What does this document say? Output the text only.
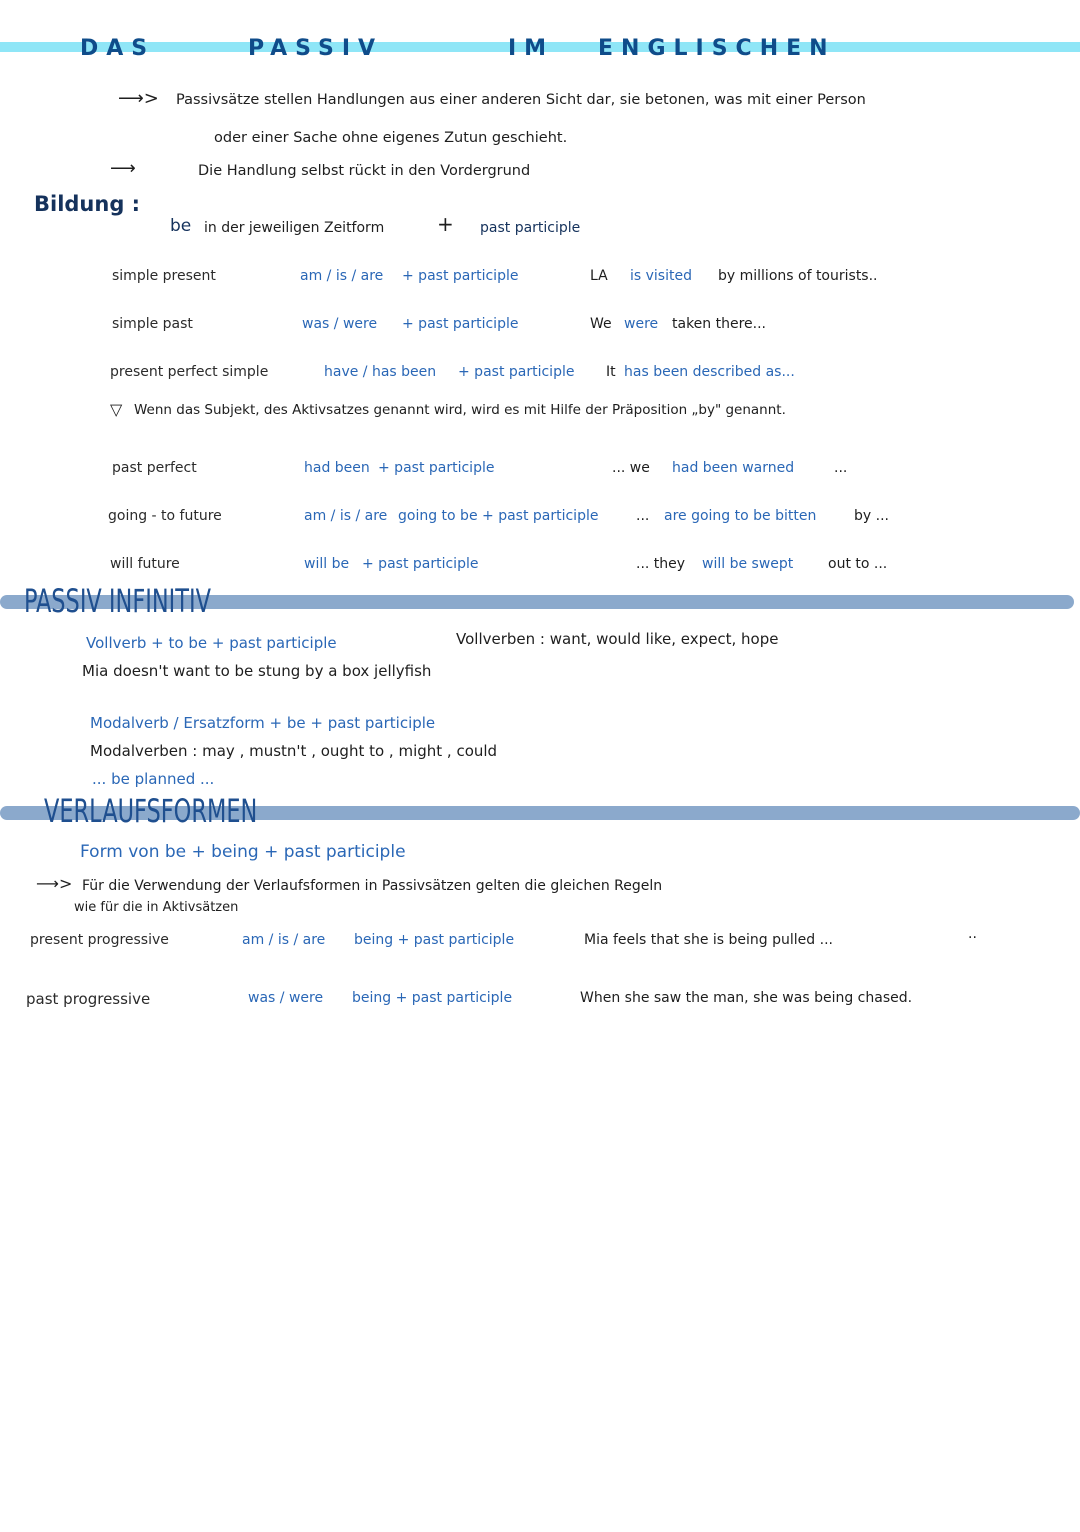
DAS	PASSIV	IM ENGLISCHEN
⟶> Passivsätze stellen Handlungen aus einer anderen Sicht dar, sie betonen, was mit einer Person
oder einer Sache ohne eigenes Zutun geschieht.
⟶	Die Handlung selbst rückt in den Vordergrund
Bildung :
be in der jeweiligen Zeitform	+ past participle
simple present	am / is / are + past participle	LA is visited by millions of tourists..
simple past	was / were + past participle	We were taken there...
present perfect simple	have / has been + past participle It has been described as...
▽ Wenn das Subjekt, des Aktivsatzes genannt wird, wird es mit Hilfe der Präposition „by" genannt.
past perfect	had been + past participle	... we had been warned	...
going - to future	am / is / are going to be + past participle	... are going to be bitten	by ...
will future	will be + past participle	... they will be swept out to ...
PASSIV INFINITIV
Vollverb + to be + past participle	Vollverben : want, would like, expect, hope
Mia doesn't want to be stung by a box jellyfish
Modalverb / Ersatzform + be + past participle
Modalverben : may , mustn't , ought to , might , could
... be planned ...
VERLAUFSFORMEN
Form von be + being + past participle
⟶> Für die Verwendung der Verlaufsformen in Passivsätzen gelten die gleichen Regeln
wie für die in Aktivsätzen
present progressive	am / is / are being + past participle	Mia feels that she is being pulled ...	..
past progressive	was / were being + past participle	When she saw the man, she was being chased.
